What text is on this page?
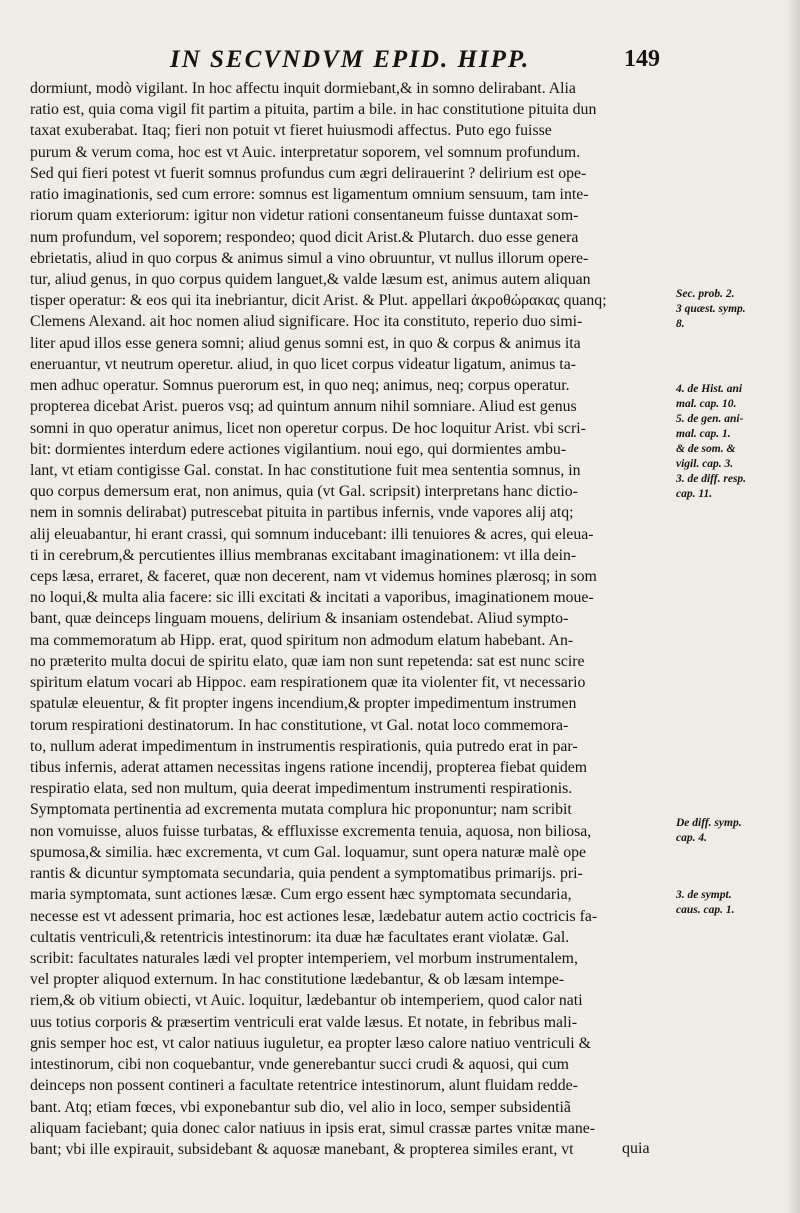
IN SECVNDVM EPID. HIPP.	149
dormiunt, modò vigilant. In hoc affectu inquit dormiebant,& in somno delirabant. Alia
ratio est, quia coma vigil fit partim a pituita, partim a bile. in hac constitutione pituita dun
taxat exuberabat. Itaq; fieri non potuit vt fieret huiusmodi affectus. Puto ego fuisse
purum & verum coma, hoc est vt Auic. interpretatur soporem, vel somnum profundum.
Sed qui fieri potest vt fuerit somnus profundus cum ægri delirauerint ? delirium est ope-
ratio imaginationis, sed cum errore: somnus est ligamentum omnium sensuum, tam inte-
riorum quam exteriorum: igitur non videtur rationi consentaneum fuisse duntaxat som-
num profundum, vel soporem; respondeo; quod dicit Arist.& Plutarch. duo esse genera
ebrietatis, aliud in quo corpus & animus simul a vino obruuntur, vt nullus illorum opere-
tur, aliud genus, in quo corpus quidem languet,& valde læsum est, animus autem aliquan
tisper operatur: & eos qui ita inebriantur, dicit Arist. & Plut. appellari ἀκροθώρακας quanq;
Clemens Alexand. ait hoc nomen aliud significare. Hoc ita constituto, reperio duo simi-
liter apud illos esse genera somni; aliud genus somni est, in quo & corpus & animus ita
eneruantur, vt neutrum operetur. aliud, in quo licet corpus videatur ligatum, animus ta-
men adhuc operatur. Somnus puerorum est, in quo neq; animus, neq; corpus operatur.
propterea dicebat Arist. pueros vsq; ad quintum annum nihil somniare. Aliud est genus
somni in quo operatur animus, licet non operetur corpus. De hoc loquitur Arist. vbi scri-
bit: dormientes interdum edere actiones vigilantium. noui ego, qui dormientes ambu-
lant, vt etiam contigisse Gal. constat. In hac constitutione fuit mea sententia somnus, in
quo corpus demersum erat, non animus, quia (vt Gal. scripsit) interpretans hanc dictio-
nem in somnis delirabat) putrescebat pituita in partibus infernis, vnde vapores alij atq;
alij eleuabantur, hi erant crassi, qui somnum inducebant: illi tenuiores & acres, qui eleua-
ti in cerebrum,& percutientes illius membranas excitabant imaginationem: vt illa dein-
ceps læsa, erraret, & faceret, quæ non decerent, nam vt videmus homines plærosq; in som
no loqui,& multa alia facere: sic illi excitati & incitati a vaporibus, imaginationem moue-
bant, quæ deinceps linguam mouens, delirium & insaniam ostendebat. Aliud sympto-
ma commemoratum ab Hipp. erat, quod spiritum non admodum elatum habebant. An-
no præterito multa docui de spiritu elato, quæ iam non sunt repetenda: sat est nunc scire
spiritum elatum vocari ab Hippoc. eam respirationem quæ ita violenter fit, vt necessario
spatulæ eleuentur, & fit propter ingens incendium,& propter impedimentum instrumen
torum respirationi destinatorum. In hac constitutione, vt Gal. notat loco commemora-
to, nullum aderat impedimentum in instrumentis respirationis, quia putredo erat in par-
tibus infernis, aderat attamen necessitas ingens ratione incendij, propterea fiebat quidem
respiratio elata, sed non multum, quia deerat impedimentum instrumenti respirationis.
Symptomata pertinentia ad excrementa mutata complura hic proponuntur; nam scribit
non vomuisse, aluos fuisse turbatas, & effluxisse excrementa tenuia, aquosa, non biliosa,
spumosa,& similia. hæc excrementa, vt cum Gal. loquamur, sunt opera naturæ malè ope
rantis & dicuntur symptomata secundaria, quia pendent a symptomatibus primarijs. pri-
maria symptomata, sunt actiones læsæ. Cum ergo essent hæc symptomata secundaria,
necesse est vt adessent primaria, hoc est actiones lesæ, lædebatur autem actio coctricis fa-
cultatis ventriculi,& retentricis intestinorum: ita duæ hæ facultates erant violatæ. Gal.
scribit: facultates naturales lædi vel propter intemperiem, vel morbum instrumentalem,
vel propter aliquod externum. In hac constitutione lædebantur, & ob læsam intempe-
riem,& ob vitium obiecti, vt Auic. loquitur, lædebantur ob intemperiem, quod calor nati
uus totius corporis & præsertim ventriculi erat valde læsus. Et notate, in febribus mali-
gnis semper hoc est, vt calor natiuus iuguletur, ea propter læso calore natiuo ventriculi &
intestinorum, cibi non coquebantur, vnde generebantur succi crudi & aquosi, qui cum
deinceps non possent contineri a facultate retentrice intestinorum, alunt fluidam redde-
bant. Atq; etiam fœces, vbi exponebantur sub dio, vel alio in loco, semper subsidentiã
aliquam faciebant; quia donec calor natiuus in ipsis erat, simul crassæ partes vnitæ mane-
bant; vbi ille expirauit, subsidebant & aquosæ manebant, & propterea similes erant, vt
Sec. prob. 2.
3 quæst. symp.
8.
4. de Hist. ani
mal. cap. 10.
5. de gen. ani-
mal. cap. 1.
& de som. &
vigil. cap. 3.
3. de diff. resp.
cap. 11.
De diff. symp.
cap. 4.
3. de sympt.
caus. cap. 1.
quia
